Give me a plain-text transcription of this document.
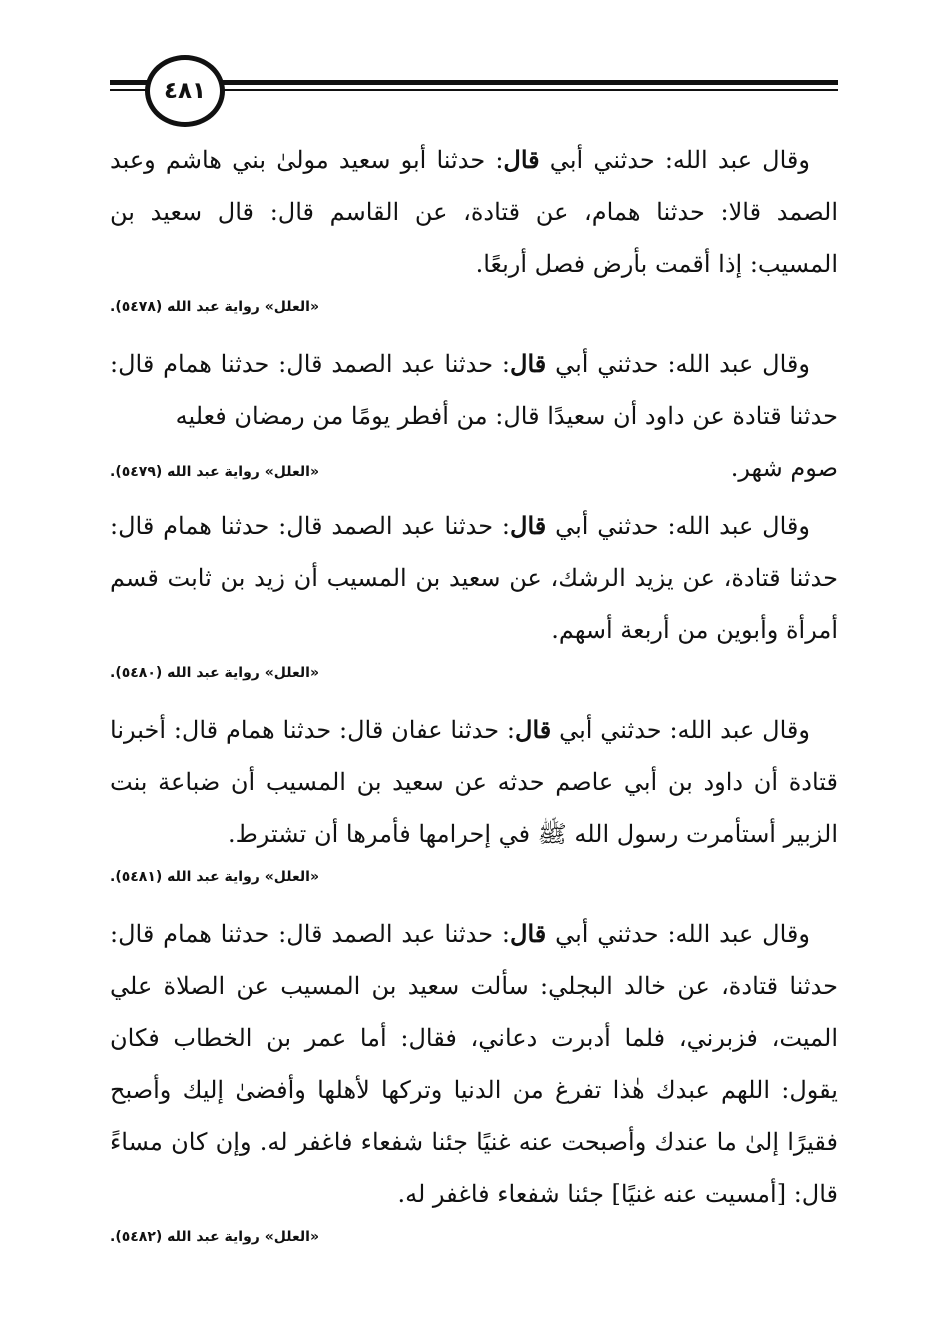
٤٨١

وقال عبد الله: حدثني أبي قال: حدثنا أبو سعيد مولىٰ بني هاشم وعبد الصمد قالا: حدثنا همام، عن قتادة، عن القاسم قال: قال سعيد بن المسيب: إذا أقمت بأرض فصل أربعًا.

«العلل» رواية عبد الله (٥٤٧٨).

وقال عبد الله: حدثني أبي قال: حدثنا عبد الصمد قال: حدثنا همام قال: حدثنا قتادة عن داود أن سعيدًا قال: من أفطر يومًا من رمضان فعليه

صوم شهر.
«العلل» رواية عبد الله (٥٤٧٩).

وقال عبد الله: حدثني أبي قال: حدثنا عبد الصمد قال: حدثنا همام قال: حدثنا قتادة، عن يزيد الرشك، عن سعيد بن المسيب أن زيد بن ثابت قسم أمرأة وأبوين من أربعة أسهم.

«العلل» رواية عبد الله (٥٤٨٠).

وقال عبد الله: حدثني أبي قال: حدثنا عفان قال: حدثنا همام قال: أخبرنا قتادة أن داود بن أبي عاصم حدثه عن سعيد بن المسيب أن ضباعة بنت الزبير أستأمرت رسول الله ﷺ في إحرامها فأمرها أن تشترط.

«العلل» رواية عبد الله (٥٤٨١).

وقال عبد الله: حدثني أبي قال: حدثنا عبد الصمد قال: حدثنا همام قال: حدثنا قتادة، عن خالد البجلي: سألت سعيد بن المسيب عن الصلاة علي الميت، فزبرني، فلما أدبرت دعاني، فقال: أما عمر بن الخطاب فكان يقول: اللهم عبدك هٰذا تفرغ من الدنيا وتركها لأهلها وأفضىٰ إليك وأصبح فقيرًا إلىٰ ما عندك وأصبحت عنه غنيًا جئنا شفعاء فاغفر له. وإن كان مساءً قال: [أمسيت عنه غنيًا] جئنا شفعاء فاغفر له.

«العلل» رواية عبد الله (٥٤٨٢).
